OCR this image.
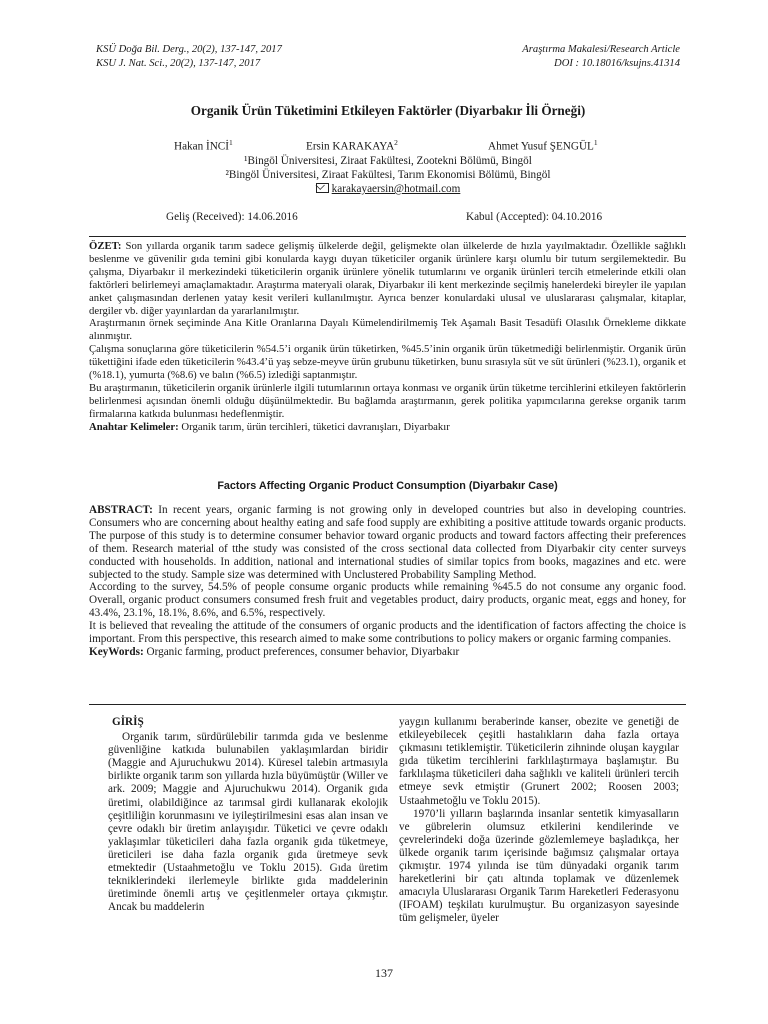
KSÜ Doğa Bil. Derg., 20(2), 137-147, 2017
KSU J. Nat. Sci., 20(2), 137-147, 2017
Araştırma Makalesi/Research Article
DOI : 10.18016/ksujns.41314
Organik Ürün Tüketimini Etkileyen Faktörler (Diyarbakır İli Örneği)
Hakan İNCİ$^1$	Ersin KARAKAYA$^2$	Ahmet Yusuf ŞENGÜL$^1$
¹Bingöl Üniversitesi, Ziraat Fakültesi, Zootekni Bölümü, Bingöl
²Bingöl Üniversitesi, Ziraat Fakültesi, Tarım Ekonomisi Bölümü, Bingöl
karakayaersin@hotmail.com
Geliş (Received): 14.06.2016	Kabul (Accepted): 04.10.2016

ÖZET: Son yıllarda organik tarım sadece gelişmiş ülkelerde değil, gelişmekte olan ülkelerde de hızla yayılmaktadır. Özellikle sağlıklı beslenme ve güvenilir gıda temini gibi konularda kaygı duyan tüketiciler organik ürünlere karşı olumlu bir tutum sergilemektedir. Bu çalışma, Diyarbakır il merkezindeki tüketicilerin organik ürünlere yönelik tutumlarını ve organik ürünleri tercih etmelerinde etkili olan faktörleri belirlemeyi amaçlamaktadır. Araştırma materyali olarak, Diyarbakır ili kent merkezinde seçilmiş hanelerdeki bireyler ile yapılan anket çalışmasından derlenen yatay kesit verileri kullanılmıştır. Ayrıca benzer konulardaki ulusal ve uluslararası çalışmalar, kitaplar, dergiler vb. diğer yayınlardan da yararlanılmıştır.

Araştırmanın örnek seçiminde Ana Kitle Oranlarına Dayalı Kümelendirilmemiş Tek Aşamalı Basit Tesadüfi Olasılık Örnekleme dikkate alınmıştır.

Çalışma sonuçlarına göre tüketicilerin %54.5’i organik ürün tüketirken, %45.5’inin organik ürün tüketmediği belirlenmiştir. Organik ürün tükettiğini ifade eden tüketicilerin %43.4’ü yaş sebze-meyve ürün grubunu tüketirken, bunu sırasıyla süt ve süt ürünleri (%23.1), organik et (%18.1), yumurta (%8.6) ve balın (%6.5) izlediği saptanmıştır.

Bu araştırmanın, tüketicilerin organik ürünlerle ilgili tutumlarının ortaya konması ve organik ürün tüketme tercihlerini etkileyen faktörlerin belirlenmesi açısından önemli olduğu düşünülmektedir. Bu bağlamda araştırmanın, gerek politika yapımcılarına gerekse organik tarım firmalarına katkıda bulunması hedeflenmiştir.

Anahtar Kelimeler: Organik tarım, ürün tercihleri, tüketici davranışları, Diyarbakır

Factors Affecting Organic Product Consumption (Diyarbakır Case)

ABSTRACT: In recent years, organic farming is not growing only in developed countries but also in developing countries. Consumers who are concerning about healthy eating and safe food supply are exhibiting a positive attitude towards organic products. The purpose of this study is to determine consumer behavior toward organic products and toward factors affecting their preferences of them. Research material of tthe study was consisted of the cross sectional data collected from Diyarbakir city center surveys conducted with households. In addition, national and international studies of similar topics from books, magazines and etc. were subjected to the study. Sample size was determined with Unclustered Probability Sampling Method.

According to the survey, 54.5% of people consume organic products while remaining %45.5 do not consume any organic food. Overall, organic product consumers consumed fresh fruit and vegetables product, dairy products, organic meat, eggs and honey, for 43.4%, 23.1%, 18.1%, 8.6%, and 6.5%, respectively.

It is believed that revealing the attitude of the consumers of organic products and the identification of factors affecting the choice is important. From this perspective, this research aimed to make some contributions to policy makers or organic farming companies.

KeyWords: Organic farming, product preferences, consumer behavior, Diyarbakır

GİRİŞ

Organik tarım, sürdürülebilir tarımda gıda ve beslenme güvenliğine katkıda bulunabilen yaklaşımlardan biridir (Maggie and Ajuruchukwu 2014). Küresel talebin artmasıyla birlikte organik tarım son yıllarda hızla büyümüştür (Willer ve ark. 2009; Maggie and Ajuruchukwu 2014). Organik gıda üretimi, olabildiğince az tarımsal girdi kullanarak ekolojik çeşitliliğin korunmasını ve iyileştirilmesini esas alan insan ve çevre odaklı bir üretim anlayışıdır. Tüketici ve çevre odaklı yaklaşımlar tüketicileri daha fazla organik gıda tüketmeye, üreticileri ise daha fazla organik gıda üretmeye sevk etmektedir (Ustaahmetoğlu ve Toklu 2015). Gıda üretim tekniklerindeki ilerlemeyle birlikte gıda maddelerinin üretiminde önemli artış ve çeşitlenmeler ortaya çıkmıştır. Ancak bu maddelerin

yaygın kullanımı beraberinde kanser, obezite ve genetiği de etkileyebilecek çeşitli hastalıkların daha fazla ortaya çıkmasını tetiklemiştir. Tüketicilerin zihninde oluşan kaygılar gıda tüketim tercihlerini farklılaştırmaya başlamıştır. Bu farklılaşma tüketicileri daha sağlıklı ve kaliteli ürünleri tercih etmeye sevk etmiştir (Grunert 2002; Roosen 2003; Ustaahmetoğlu ve Toklu 2015).

1970’li yılların başlarında insanlar sentetik kimyasalların ve gübrelerin olumsuz etkilerini kendilerinde ve çevrelerindeki doğa üzerinde gözlemlemeye başladıkça, her ülkede organik tarım içerisinde bağımsız çalışmalar ortaya çıkmıştır. 1974 yılında ise tüm dünyadaki organik tarım hareketlerini bir çatı altında toplamak ve düzenlemek amacıyla Uluslararası Organik Tarım Hareketleri Federasyonu (IFOAM) teşkilatı kurulmuştur. Bu organizasyon sayesinde tüm gelişmeler, üyeler

137
